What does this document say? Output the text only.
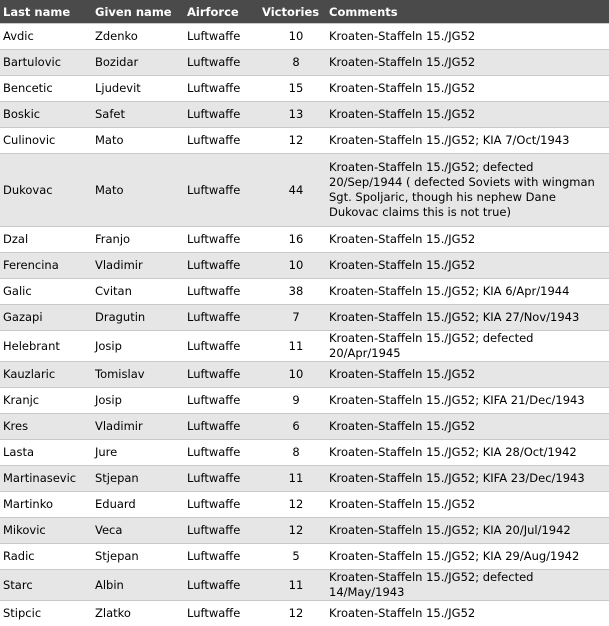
Last name	Given name	Airforce	Victories	Comments
Avdic	Zdenko	Luftwaffe	10	Kroaten-Staffeln 15./JG52
Bartulovic	Bozidar	Luftwaffe	8	Kroaten-Staffeln 15./JG52
Bencetic	Ljudevit	Luftwaffe	15	Kroaten-Staffeln 15./JG52
Boskic	Safet	Luftwaffe	13	Kroaten-Staffeln 15./JG52
Culinovic	Mato	Luftwaffe	12	Kroaten-Staffeln 15./JG52; KIA 7/Oct/1943
Dukovac	Mato	Luftwaffe	44	Kroaten-Staffeln 15./JG52; defected 20/Sep/1944 ( defected Soviets with wingman Sgt. Spoljaric, though his nephew Dane Dukovac claims this is not true)
Dzal	Franjo	Luftwaffe	16	Kroaten-Staffeln 15./JG52
Ferencina	Vladimir	Luftwaffe	10	Kroaten-Staffeln 15./JG52
Galic	Cvitan	Luftwaffe	38	Kroaten-Staffeln 15./JG52; KIA 6/Apr/1944
Gazapi	Dragutin	Luftwaffe	7	Kroaten-Staffeln 15./JG52; KIA 27/Nov/1943
Helebrant	Josip	Luftwaffe	11	Kroaten-Staffeln 15./JG52; defected 20/Apr/1945
Kauzlaric	Tomislav	Luftwaffe	10	Kroaten-Staffeln 15./JG52
Kranjc	Josip	Luftwaffe	9	Kroaten-Staffeln 15./JG52; KIFA 21/Dec/1943
Kres	Vladimir	Luftwaffe	6	Kroaten-Staffeln 15./JG52
Lasta	Jure	Luftwaffe	8	Kroaten-Staffeln 15./JG52; KIA 28/Oct/1942
Martinasevic	Stjepan	Luftwaffe	11	Kroaten-Staffeln 15./JG52; KIFA 23/Dec/1943
Martinko	Eduard	Luftwaffe	12	Kroaten-Staffeln 15./JG52
Mikovic	Veca	Luftwaffe	12	Kroaten-Staffeln 15./JG52; KIA 20/Jul/1942
Radic	Stjepan	Luftwaffe	5	Kroaten-Staffeln 15./JG52; KIA 29/Aug/1942
Starc	Albin	Luftwaffe	11	Kroaten-Staffeln 15./JG52; defected 14/May/1943
Stipcic	Zlatko	Luftwaffe	12	Kroaten-Staffeln 15./JG52
